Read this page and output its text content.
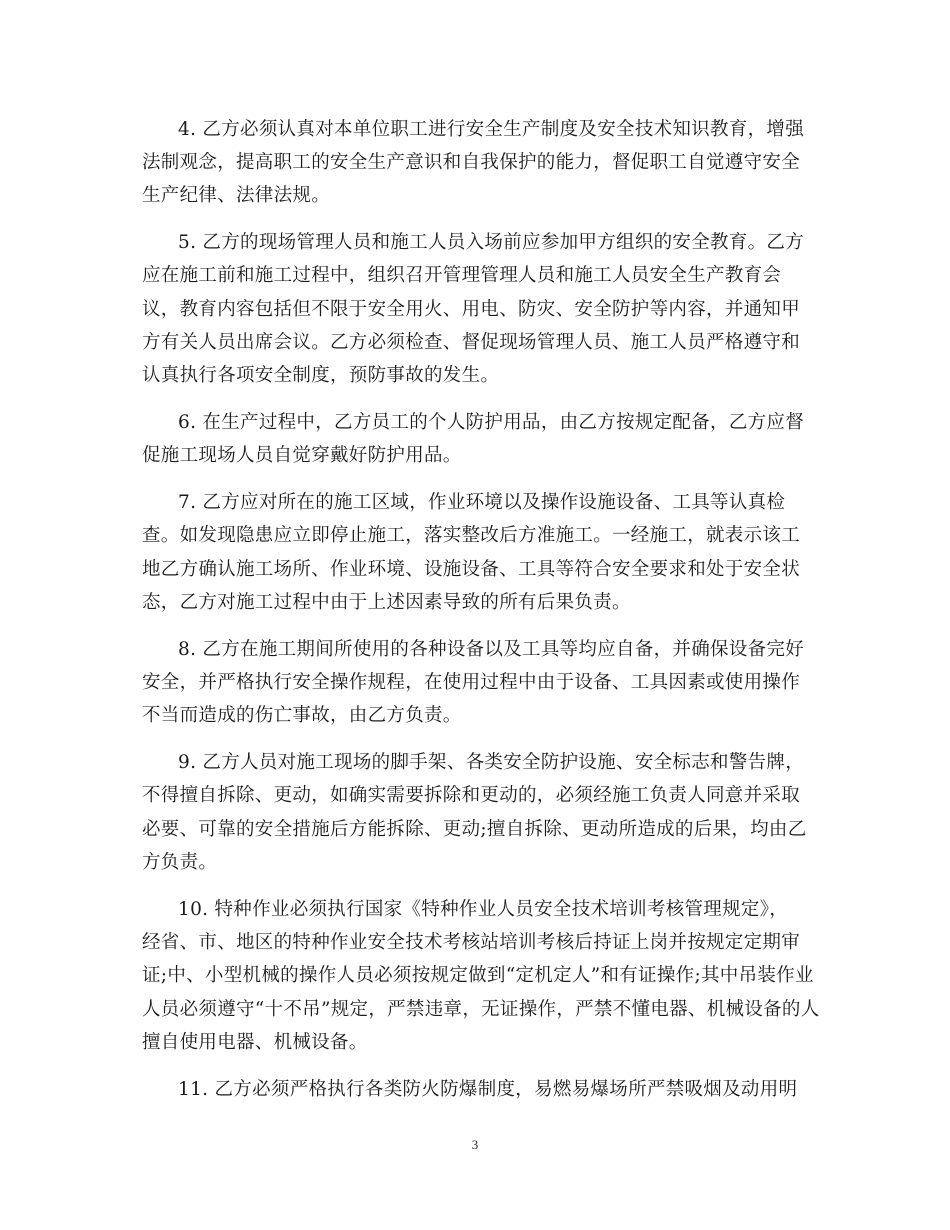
4. 乙方必须认真对本单位职工进行安全生产制度及安全技术知识教育，增强
法制观念，提高职工的安全生产意识和自我保护的能力，督促职工自觉遵守安全
生产纪律、法律法规。
5. 乙方的现场管理人员和施工人员入场前应参加甲方组织的安全教育。乙方
应在施工前和施工过程中，组织召开管理管理人员和施工人员安全生产教育会
议，教育内容包括但不限于安全用火、用电、防灾、安全防护等内容，并通知甲
方有关人员出席会议。乙方必须检查、督促现场管理人员、施工人员严格遵守和
认真执行各项安全制度，预防事故的发生。
6. 在生产过程中，乙方员工的个人防护用品，由乙方按规定配备，乙方应督
促施工现场人员自觉穿戴好防护用品。
7. 乙方应对所在的施工区域，作业环境以及操作设施设备、工具等认真检
查。如发现隐患应立即停止施工，落实整改后方准施工。一经施工，就表示该工
地乙方确认施工场所、作业环境、设施设备、工具等符合安全要求和处于安全状
态，乙方对施工过程中由于上述因素导致的所有后果负责。
8. 乙方在施工期间所使用的各种设备以及工具等均应自备，并确保设备完好
安全，并严格执行安全操作规程，在使用过程中由于设备、工具因素或使用操作
不当而造成的伤亡事故，由乙方负责。
9. 乙方人员对施工现场的脚手架、各类安全防护设施、安全标志和警告牌，
不得擅自拆除、更动，如确实需要拆除和更动的，必须经施工负责人同意并采取
必要、可靠的安全措施后方能拆除、更动;擅自拆除、更动所造成的后果，均由乙
方负责。
10. 特种作业必须执行国家《特种作业人员安全技术培训考核管理规定》，
经省、市、地区的特种作业安全技术考核站培训考核后持证上岗并按规定定期审
证;中、小型机械的操作人员必须按规定做到“定机定人”和有证操作;其中吊装作业
人员必须遵守“十不吊”规定，严禁违章，无证操作，严禁不懂电器、机械设备的人
擅自使用电器、机械设备。
11. 乙方必须严格执行各类防火防爆制度，易燃易爆场所严禁吸烟及动用明
3
